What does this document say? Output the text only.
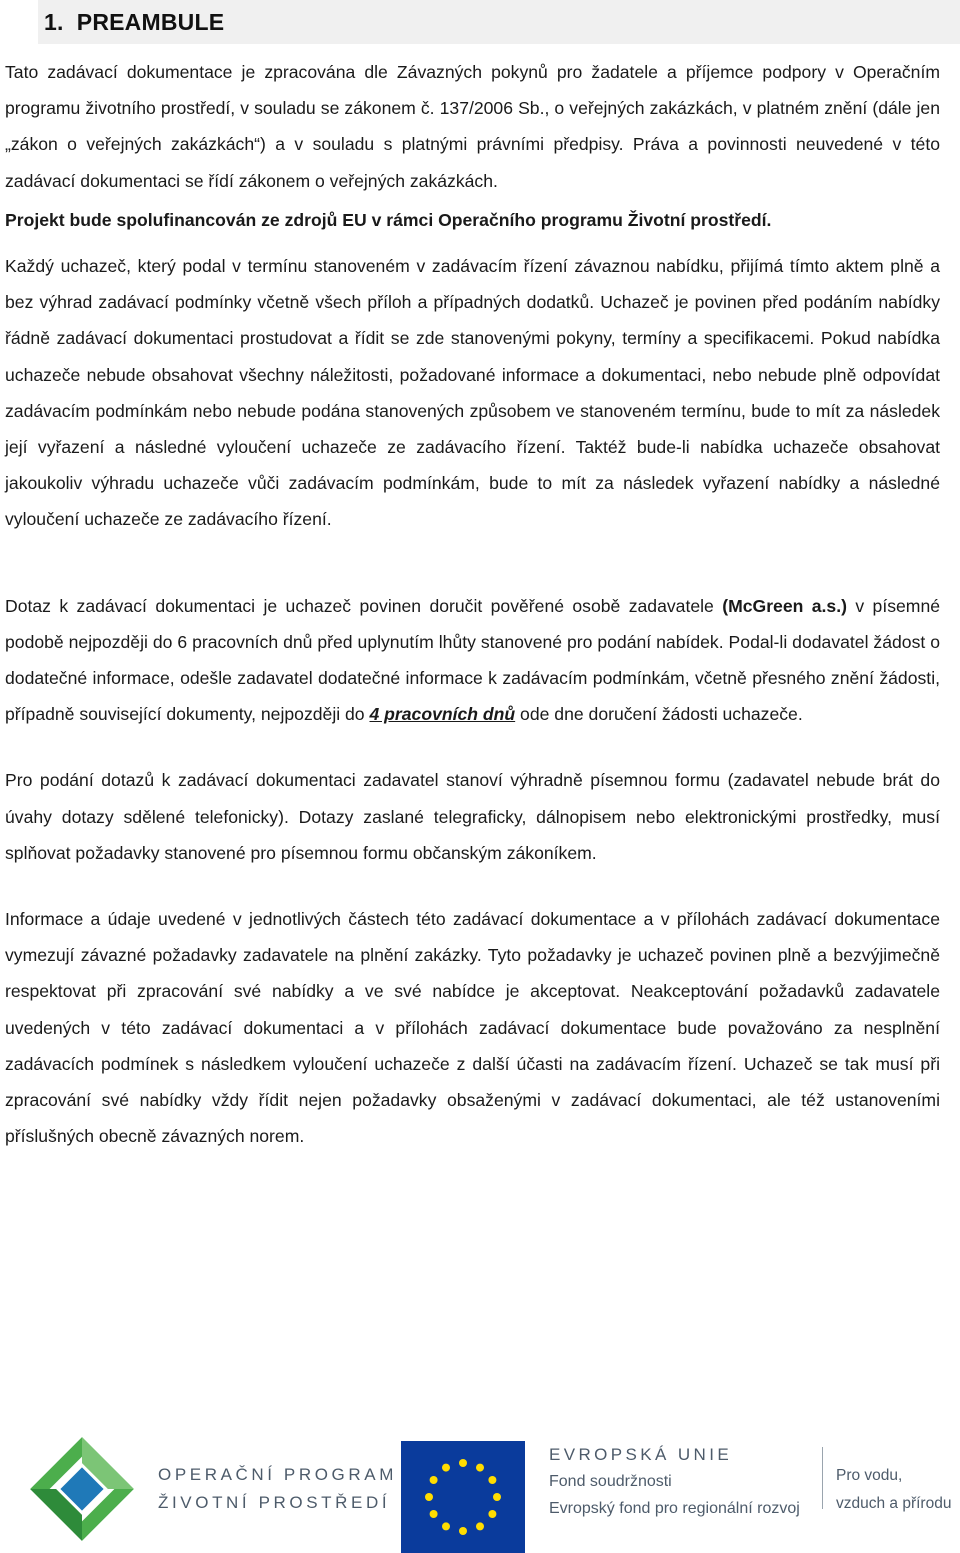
1. PREAMBULE

Tato zadávací dokumentace je zpracována dle Závazných pokynů pro žadatele a příjemce podpory v Operačním programu životního prostředí, v souladu se zákonem č. 137/2006 Sb., o veřejných zakázkách, v platném znění (dále jen „zákon o veřejných zakázkách“) a v souladu s platnými právními předpisy. Práva a povinnosti neuvedené v této zadávací dokumentaci se řídí zákonem o veřejných zakázkách.

Projekt bude spolufinancován ze zdrojů EU v rámci Operačního programu Životní prostředí.

Každý uchazeč, který podal v termínu stanoveném v zadávacím řízení závaznou nabídku, přijímá tímto aktem plně a bez výhrad zadávací podmínky včetně všech příloh a případných dodatků. Uchazeč je povinen před podáním nabídky řádně zadávací dokumentaci prostudovat a řídit se zde stanovenými pokyny, termíny a specifikacemi. Pokud nabídka uchazeče nebude obsahovat všechny náležitosti, požadované informace a dokumentaci, nebo nebude plně odpovídat zadávacím podmínkám nebo nebude podána stanovených způsobem ve stanoveném termínu, bude to mít za následek její vyřazení a následné vyloučení uchazeče ze zadávacího řízení. Taktéž bude-li nabídka uchazeče obsahovat jakoukoliv výhradu uchazeče vůči zadávacím podmínkám, bude to mít za následek vyřazení nabídky a následné vyloučení uchazeče ze zadávacího řízení.

Dotaz k zadávací dokumentaci je uchazeč povinen doručit pověřené osobě zadavatele (McGreen a.s.) v písemné podobě nejpozději do 6 pracovních dnů před uplynutím lhůty stanovené pro podání nabídek. Podal-li dodavatel žádost o dodatečné informace, odešle zadavatel dodatečné informace k zadávacím podmínkám, včetně přesného znění žádosti, případně související dokumenty, nejpozději do 4 pracovních dnů ode dne doručení žádosti uchazeče.

Pro podání dotazů k zadávací dokumentaci zadavatel stanoví výhradně písemnou formu (zadavatel nebude brát do úvahy dotazy sdělené telefonicky). Dotazy zaslané telegraficky, dálnopisem nebo elektronickými prostředky, musí splňovat požadavky stanovené pro písemnou formu občanským zákoníkem.

Informace a údaje uvedené v jednotlivých částech této zadávací dokumentace a v přílohách zadávací dokumentace vymezují závazné požadavky zadavatele na plnění zakázky. Tyto požadavky je uchazeč povinen plně a bezvýjimečně respektovat při zpracování své nabídky a ve své nabídce je akceptovat. Neakceptování požadavků zadavatele uvedených v této zadávací dokumentaci a v přílohách zadávací dokumentace bude považováno za nesplnění zadávacích podmínek s následkem vyloučení uchazeče z další účasti na zadávacím řízení. Uchazeč se tak musí při zpracování své nabídky vždy řídit nejen požadavky obsaženými v zadávací dokumentaci, ale též ustanoveními příslušných obecně závazných norem.

OPERAČNÍ PROGRAM
ŽIVOTNÍ PROSTŘEDÍ
EVROPSKÁ UNIE
Fond soudržnosti
Evropský fond pro regionální rozvoj
Pro vodu,
vzduch a přírodu
